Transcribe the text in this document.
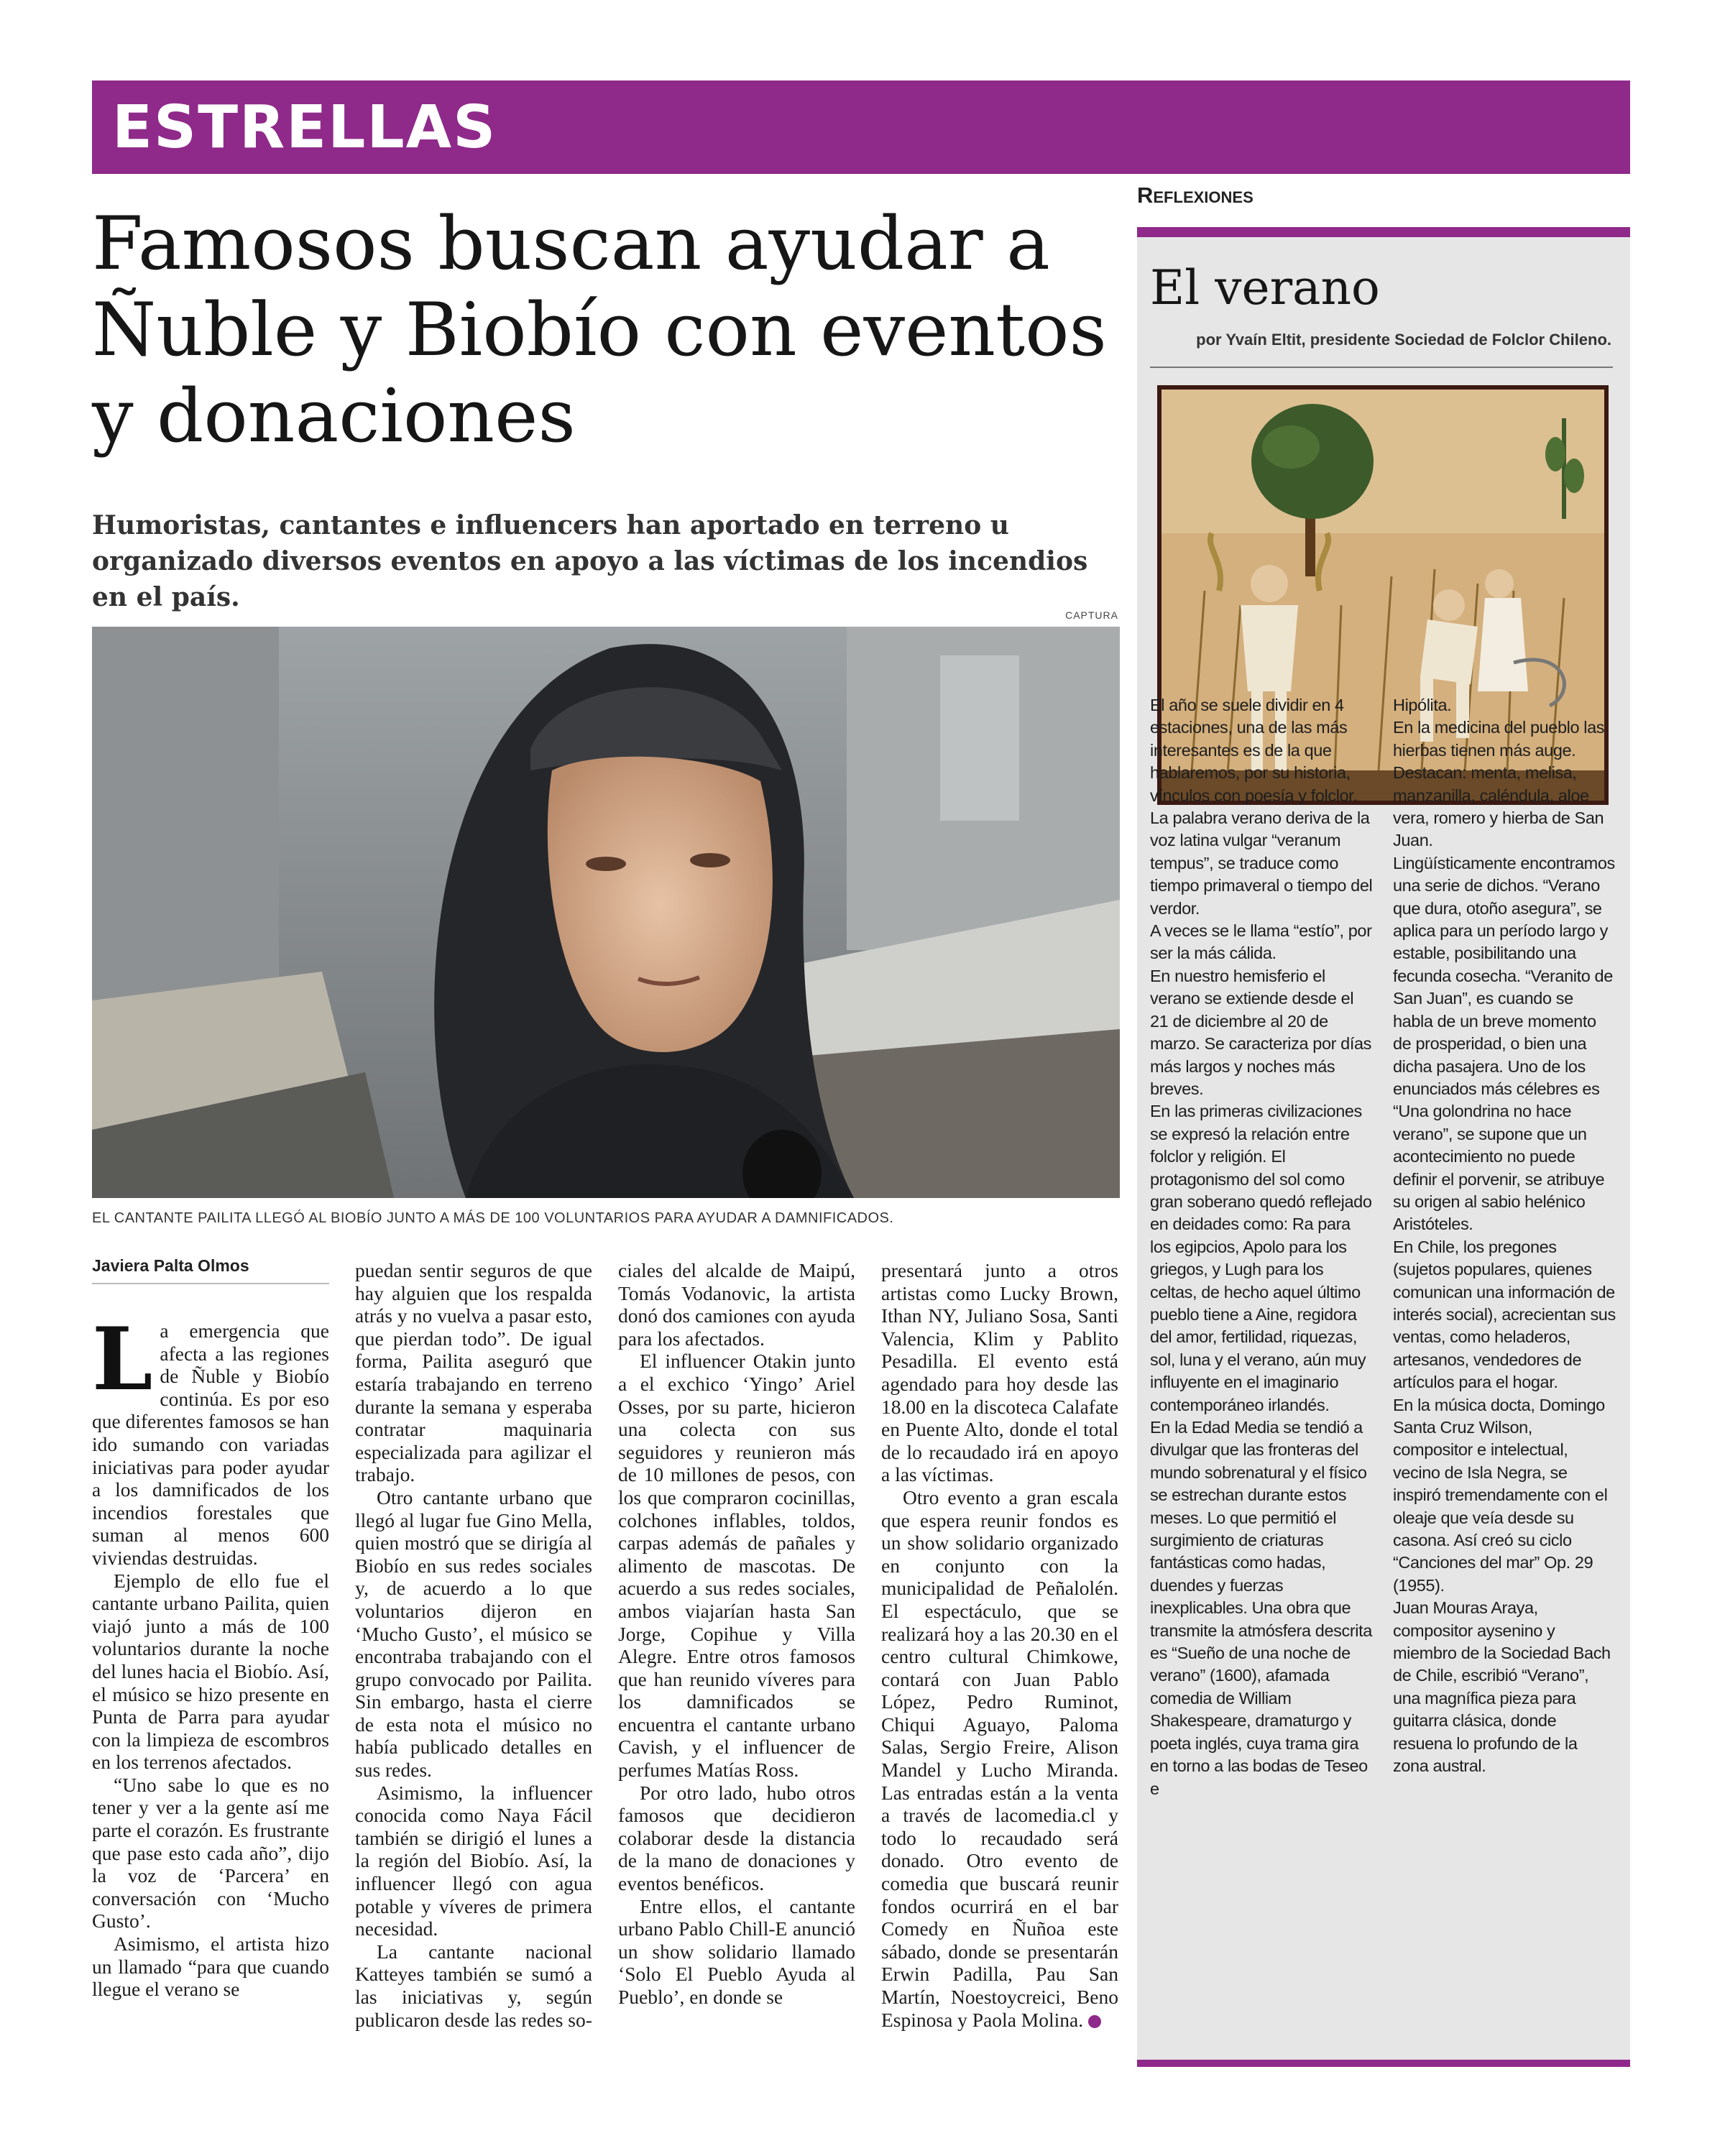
ESTRELLAS
Famosos buscan ayudar a Ñuble y Biobío con eventos y donaciones
Humoristas, cantantes e influencers han aportado en terreno u organizado diversos eventos en apoyo a las víctimas de los incendios en el país.
CAPTURA
EL CANTANTE PAILITA LLEGÓ AL BIOBÍO JUNTO A MÁS DE 100 VOLUNTARIOS PARA AYUDAR A DAMNIFICADOS.
Javiera Palta Olmos

La emergencia que afecta a las regiones de Ñuble y Biobío continúa. Es por eso que diferentes famosos se han ido sumando con variadas iniciativas para poder ayudar a los damnificados de los incendios forestales que suman al menos 600 viviendas destruidas.

Ejemplo de ello fue el cantante urbano Pailita, quien viajó junto a más de 100 voluntarios durante la noche del lunes hacia el Biobío. Así, el músico se hizo presente en Punta de Parra para ayudar con la limpieza de escombros en los terrenos afectados.

“Uno sabe lo que es no tener y ver a la gente así me parte el corazón. Es frustrante que pase esto cada año”, dijo la voz de ‘Parcera’ en conversación con ‘Mucho Gusto’.

Asimismo, el artista hizo un llamado “para que cuando llegue el verano se

puedan sentir seguros de que hay alguien que los respalda atrás y no vuelva a pasar esto, que pierdan todo”. De igual forma, Pailita aseguró que estaría trabajando en terreno durante la semana y esperaba contratar maquinaria especializada para agilizar el trabajo.

Otro cantante urbano que llegó al lugar fue Gino Mella, quien mostró que se dirigía al Biobío en sus redes sociales y, de acuerdo a lo que voluntarios dijeron en ‘Mucho Gusto’, el músico se encontraba trabajando con el grupo convocado por Pailita. Sin embargo, hasta el cierre de esta nota el músico no había publicado detalles en sus redes.

Asimismo, la influencer conocida como Naya Fácil también se dirigió el lunes a la región del Biobío. Así, la influencer llegó con agua potable y víveres de primera necesidad.

La cantante nacional Katteyes también se sumó a las iniciativas y, según publicaron desde las redes so-

ciales del alcalde de Maipú, Tomás Vodanovic, la artista donó dos camiones con ayuda para los afectados.

El influencer Otakin junto a el exchico ‘Yingo’ Ariel Osses, por su parte, hicieron una colecta con sus seguidores y reunieron más de 10 millones de pesos, con los que compraron cocinillas, colchones inflables, toldos, carpas además de pañales y alimento de mascotas. De acuerdo a sus redes sociales, ambos viajarían hasta San Jorge, Copihue y Villa Alegre. Entre otros famosos que han reunido víveres para los damnificados se encuentra el cantante urbano Cavish, y el influencer de perfumes Matías Ross.

Por otro lado, hubo otros famosos que decidieron colaborar desde la distancia de la mano de donaciones y eventos benéficos.

Entre ellos, el cantante urbano Pablo Chill-E anunció un show solidario llamado ‘Solo El Pueblo Ayuda al Pueblo’, en donde se

presentará junto a otros artistas como Lucky Brown, Ithan NY, Juliano Sosa, Santi Valencia, Klim y Pablito Pesadilla. El evento está agendado para hoy desde las 18.00 en la discoteca Calafate en Puente Alto, donde el total de lo recaudado irá en apoyo a las víctimas.

Otro evento a gran escala que espera reunir fondos es un show solidario organizado en conjunto con la municipalidad de Peñalolén. El espectáculo, que se realizará hoy a las 20.30 en el centro cultural Chimkowe, contará con Juan Pablo López, Pedro Ruminot, Chiqui Aguayo, Paloma Salas, Sergio Freire, Alison Mandel y Lucho Miranda. Las entradas están a la venta a través de lacomedia.cl y todo lo recaudado será donado. Otro evento de comedia que buscará reunir fondos ocurrirá en el bar Comedy en Ñuñoa este sábado, donde se presentarán Erwin Padilla, Pau San Martín, Noestoycreici, Beno Espinosa y Paola Molina.	✪

Reflexiones
El verano
por Yvaín Eltit, presidente Sociedad de Folclor Chileno.
El año se suele dividir en 4 estaciones, una de las más interesantes es de la que hablaremos, por su historia, vínculos con poesía y folclor.
La palabra verano deriva de la voz latina vulgar “veranum tempus”, se traduce como tiempo primaveral o tiempo del verdor.
A veces se le llama “estío”, por ser la más cálida.
En nuestro hemisferio el verano se extiende desde el 21 de diciembre al 20 de marzo. Se caracteriza por días más largos y noches más breves.
En las primeras civilizaciones se expresó la relación entre folclor y religión. El protagonismo del sol como gran soberano quedó reflejado en deidades como: Ra para los egipcios, Apolo para los griegos, y Lugh para los celtas, de hecho aquel último pueblo tiene a Aine, regidora del amor, fertilidad, riquezas, sol, luna y el verano, aún muy influyente en el imaginario contemporáneo irlandés.
En la Edad Media se tendió a divulgar que las fronteras del mundo sobrenatural y el físico se estrechan durante estos meses. Lo que permitió el surgimiento de criaturas fantásticas como hadas, duendes y fuerzas inexplicables. Una obra que transmite la atmósfera descrita es “Sueño de una noche de verano” (1600), afamada comedia de William Shakespeare, dramaturgo y poeta inglés, cuya trama gira en torno a las bodas de Teseo e
Hipólita.
En la medicina del pueblo las hierbas tienen más auge. Destacan: menta, melisa, manzanilla, caléndula, aloe vera, romero y hierba de San Juan.
Lingüísticamente encontramos una serie de dichos. “Verano que dura, otoño asegura”, se aplica para un período largo y estable, posibilitando una fecunda cosecha. “Veranito de San Juan”, es cuando se habla de un breve momento de prosperidad, o bien una dicha pasajera. Uno de los enunciados más célebres es “Una golondrina no hace verano”, se supone que un acontecimiento no puede definir el porvenir, se atribuye su origen al sabio helénico Aristóteles.
En Chile, los pregones (sujetos populares, quienes comunican una información de interés social), acrecientan sus ventas, como heladeros, artesanos, vendedores de artículos para el hogar.
En la música docta, Domingo Santa Cruz Wilson, compositor e intelectual, vecino de Isla Negra, se inspiró tremendamente con el oleaje que veía desde su casona. Así creó su ciclo “Canciones del mar” Op. 29 (1955).
Juan Mouras Araya, compositor aysenino y miembro de la Sociedad Bach de Chile, escribió “Verano”, una magnífica pieza para guitarra clásica, donde resuena lo profundo de la zona austral.
